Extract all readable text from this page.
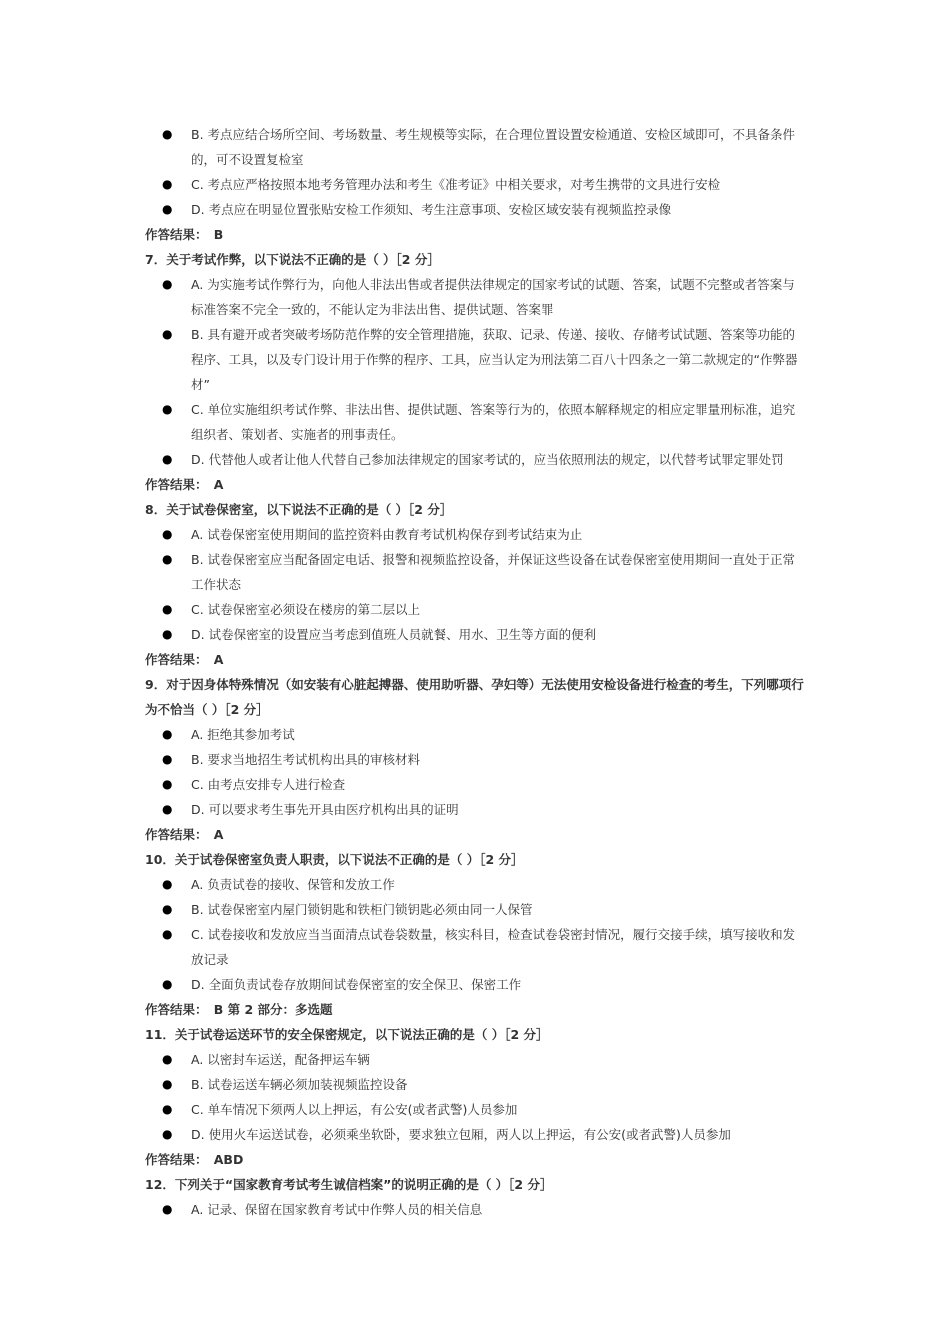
● B. 考点应结合场所空间、考场数量、考生规模等实际，在合理位置设置安检通道、安检区域即可，不具备条件的，可不设置复检室
● C. 考点应严格按照本地考务管理办法和考生《准考证》中相关要求，对考生携带的文具进行安检
● D. 考点应在明显位置张贴安检工作须知、考生注意事项、安检区域安装有视频监控录像
作答结果：　B
7．关于考试作弊，以下说法不正确的是（ ）［2 分］
● A. 为实施考试作弊行为，向他人非法出售或者提供法律规定的国家考试的试题、答案，试题不完整或者答案与标准答案不完全一致的，不能认定为非法出售、提供试题、答案罪
● B. 具有避开或者突破考场防范作弊的安全管理措施，获取、记录、传递、接收、存储考试试题、答案等功能的程序、工具，以及专门设计用于作弊的程序、工具，应当认定为刑法第二百八十四条之一第二款规定的“作弊器材”
● C. 单位实施组织考试作弊、非法出售、提供试题、答案等行为的，依照本解释规定的相应定罪量刑标准，追究组织者、策划者、实施者的刑事责任。
● D. 代替他人或者让他人代替自己参加法律规定的国家考试的，应当依照刑法的规定，以代替考试罪定罪处罚
作答结果：　A
8．关于试卷保密室，以下说法不正确的是（ ）［2 分］
● A. 试卷保密室使用期间的监控资料由教育考试机构保存到考试结束为止
● B. 试卷保密室应当配备固定电话、报警和视频监控设备，并保证这些设备在试卷保密室使用期间一直处于正常工作状态
● C. 试卷保密室必须设在楼房的第二层以上
● D. 试卷保密室的设置应当考虑到值班人员就餐、用水、卫生等方面的便利
作答结果：　A
9．对于因身体特殊情况（如安装有心脏起搏器、使用助听器、孕妇等）无法使用安检设备进行检查的考生，下列哪项行为不恰当（ ）［2 分］
● A. 拒绝其参加考试
● B. 要求当地招生考试机构出具的审核材料
● C. 由考点安排专人进行检查
● D. 可以要求考生事先开具由医疗机构出具的证明
作答结果：　A
10．关于试卷保密室负责人职责，以下说法不正确的是（ ）［2 分］
● A. 负责试卷的接收、保管和发放工作
● B. 试卷保密室内屋门锁钥匙和铁柜门锁钥匙必须由同一人保管
● C. 试卷接收和发放应当当面清点试卷袋数量，核实科目，检查试卷袋密封情况，履行交接手续，填写接收和发放记录
● D. 全面负责试卷存放期间试卷保密室的安全保卫、保密工作
作答结果：　B 第 2 部分：多选题
11．关于试卷运送环节的安全保密规定，以下说法正确的是（ ）［2 分］
● A. 以密封车运送，配备押运车辆
● B. 试卷运送车辆必须加装视频监控设备
● C. 单车情况下须两人以上押运，有公安(或者武警)人员参加
● D. 使用火车运送试卷，必须乘坐软卧，要求独立包厢，两人以上押运，有公安(或者武警)人员参加
作答结果：　ABD
12．下列关于“国家教育考试考生诚信档案”的说明正确的是（ ）［2 分］
● A. 记录、保留在国家教育考试中作弊人员的相关信息
